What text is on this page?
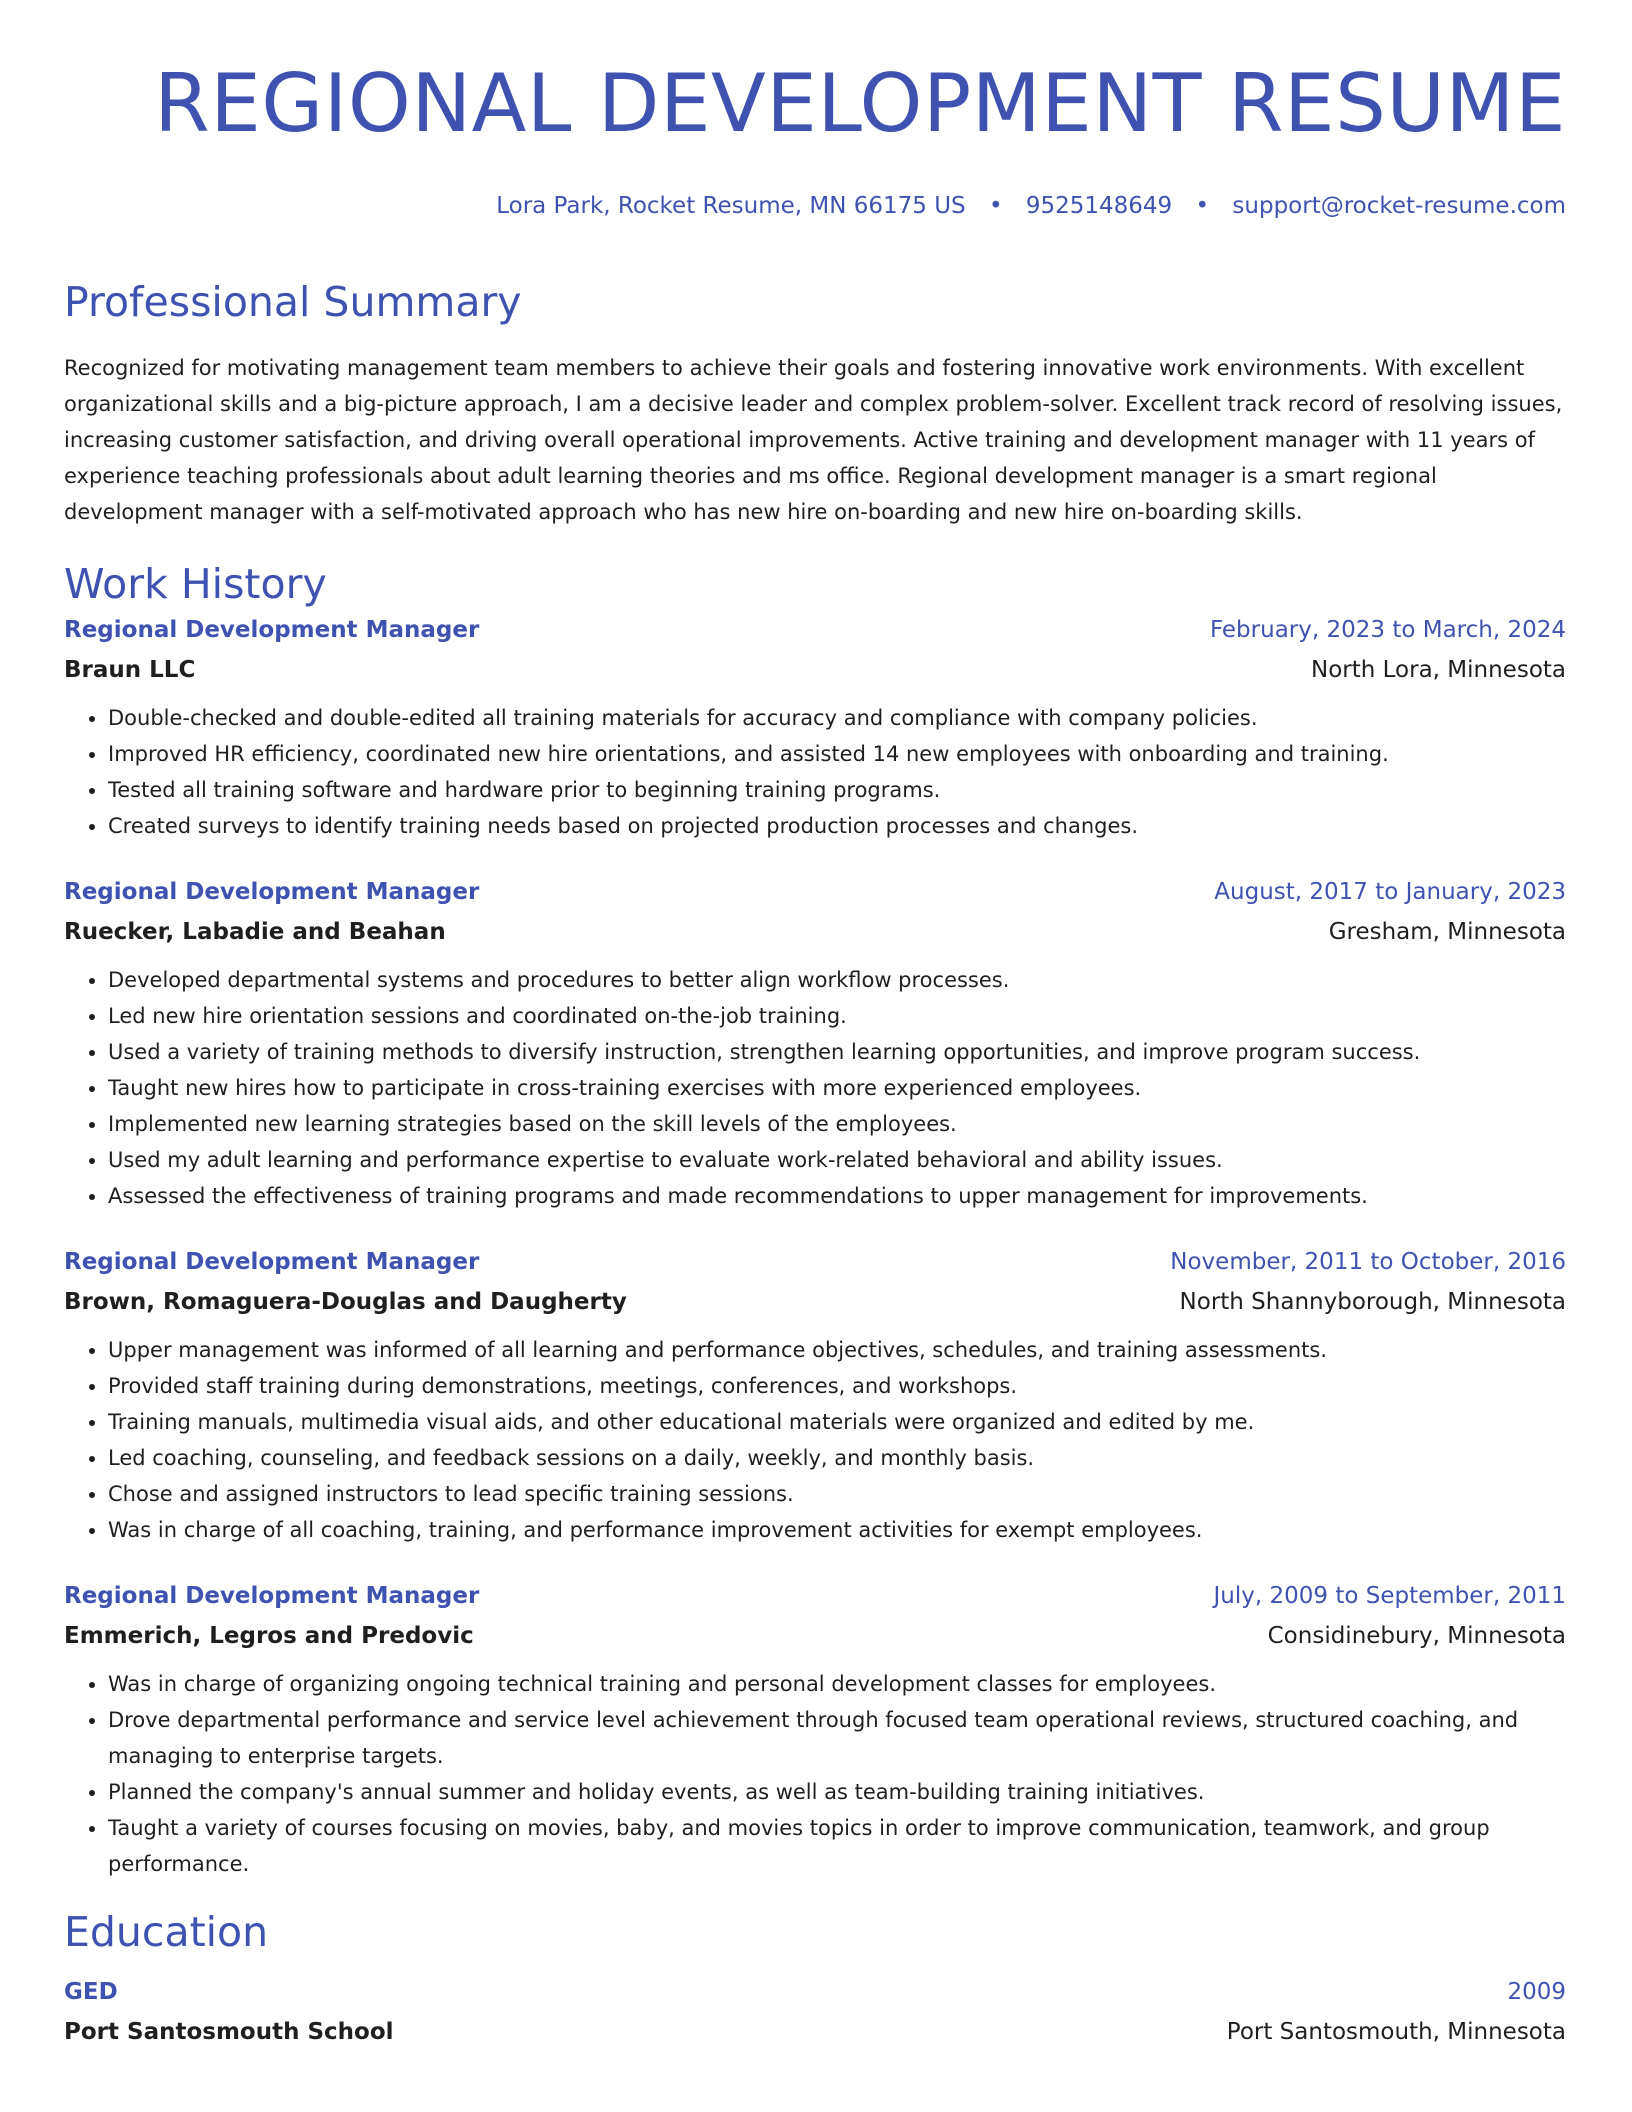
REGIONAL DEVELOPMENT RESUME
Lora Park, Rocket Resume, MN 66175 US • 9525148649 • support@rocket-resume.com
Professional Summary

Recognized for motivating management team members to achieve their goals and fostering innovative work environments. With excellent organizational skills and a big-picture approach, I am a decisive leader and complex problem-solver. Excellent track record of resolving issues, increasing customer satisfaction, and driving overall operational improvements. Active training and development manager with 11 years of experience teaching professionals about adult learning theories and ms office. Regional development manager is a smart regional development manager with a self-motivated approach who has new hire on-boarding and new hire on-boarding skills.

Work History
Regional Development Manager	February, 2023 to March, 2024
Braun LLC	North Lora, Minnesota
• Double-checked and double-edited all training materials for accuracy and compliance with company policies.
• Improved HR efficiency, coordinated new hire orientations, and assisted 14 new employees with onboarding and training.
• Tested all training software and hardware prior to beginning training programs.
• Created surveys to identify training needs based on projected production processes and changes.
Regional Development Manager	August, 2017 to January, 2023
Ruecker, Labadie and Beahan	Gresham, Minnesota
• Developed departmental systems and procedures to better align workflow processes.
• Led new hire orientation sessions and coordinated on-the-job training.
• Used a variety of training methods to diversify instruction, strengthen learning opportunities, and improve program success.
• Taught new hires how to participate in cross-training exercises with more experienced employees.
• Implemented new learning strategies based on the skill levels of the employees.
• Used my adult learning and performance expertise to evaluate work-related behavioral and ability issues.
• Assessed the effectiveness of training programs and made recommendations to upper management for improvements.
Regional Development Manager	November, 2011 to October, 2016
Brown, Romaguera-Douglas and Daugherty	North Shannyborough, Minnesota
• Upper management was informed of all learning and performance objectives, schedules, and training assessments.
• Provided staff training during demonstrations, meetings, conferences, and workshops.
• Training manuals, multimedia visual aids, and other educational materials were organized and edited by me.
• Led coaching, counseling, and feedback sessions on a daily, weekly, and monthly basis.
• Chose and assigned instructors to lead specific training sessions.
• Was in charge of all coaching, training, and performance improvement activities for exempt employees.
Regional Development Manager	July, 2009 to September, 2011
Emmerich, Legros and Predovic	Considinebury, Minnesota
• Was in charge of organizing ongoing technical training and personal development classes for employees.
• Drove departmental performance and service level achievement through focused team operational reviews, structured coaching, and managing to enterprise targets.
• Planned the company's annual summer and holiday events, as well as team-building training initiatives.
• Taught a variety of courses focusing on movies, baby, and movies topics in order to improve communication, teamwork, and group performance.
Education
GED	2009
Port Santosmouth School	Port Santosmouth, Minnesota
